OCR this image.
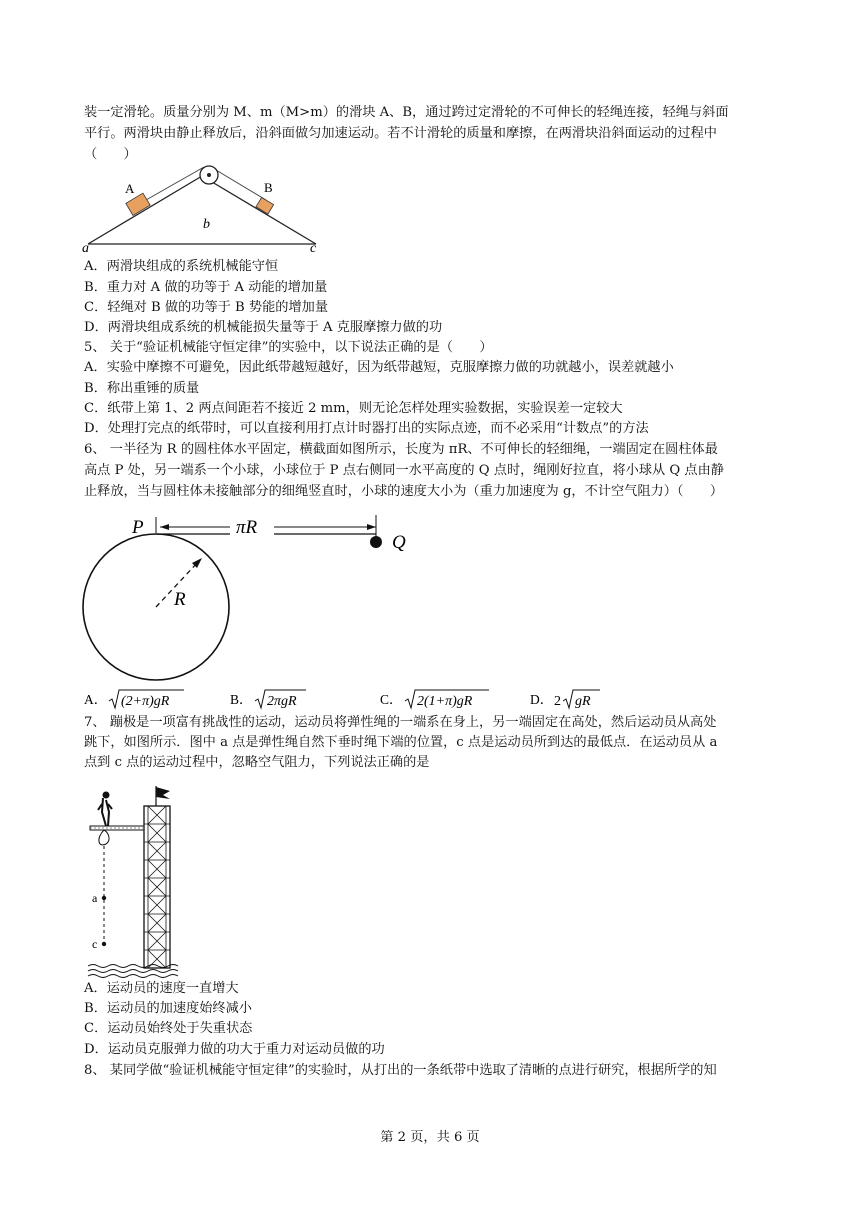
装一定滑轮。质量分别为 M、m（M>m）的滑块 A、B，通过跨过定滑轮的不可伸长的轻绳连接，轻绳与斜面
平行。两滑块由静止释放后，沿斜面做匀加速运动。若不计滑轮的质量和摩擦，在两滑块沿斜面运动的过程中
（　　）
A	B
b
a	c
A．两滑块组成的系统机械能守恒
B．重力对 A 做的功等于 A 动能的增加量
C．轻绳对 B 做的功等于 B 势能的增加量
D．两滑块组成系统的机械能损失量等于 A 克服摩擦力做的功
5、 关于“验证机械能守恒定律”的实验中，以下说法正确的是（　　）
A．实验中摩擦不可避免，因此纸带越短越好，因为纸带越短，克服摩擦力做的功就越小，误差就越小
B．称出重锤的质量
C．纸带上第 1、2 两点间距若不接近 2 mm，则无论怎样处理实验数据，实验误差一定较大
D．处理打完点的纸带时，可以直接利用打点计时器打出的实际点迹，而不必采用“计数点”的方法
6、 一半径为 R 的圆柱体水平固定，横截面如图所示，长度为 πR、不可伸长的轻细绳，一端固定在圆柱体最
高点 P 处，另一端系一个小球，小球位于 P 点右侧同一水平高度的 Q 点时，绳刚好拉直，将小球从 Q 点由静
止释放，当与圆柱体未接触部分的细绳竖直时，小球的速度大小为（重力加速度为 g，不计空气阻力）（　　）
πR
Q
P
R
A． (2+π)gR	B． 2πgR	C． 2(1+π)gR	D． 2 gR
7、 蹦极是一项富有挑战性的运动，运动员将弹性绳的一端系在身上，另一端固定在高处，然后运动员从高处
跳下，如图所示．图中 a 点是弹性绳自然下垂时绳下端的位置，c 点是运动员所到达的最低点．在运动员从 a
点到 c 点的运动过程中，忽略空气阻力，下列说法正确的是
a
c
A．运动员的速度一直增大
B．运动员的加速度始终减小
C．运动员始终处于失重状态
D．运动员克服弹力做的功大于重力对运动员做的功
8、 某同学做“验证机械能守恒定律”的实验时，从打出的一条纸带中选取了清晰的点进行研究，根据所学的知
第 2 页，共 6 页
